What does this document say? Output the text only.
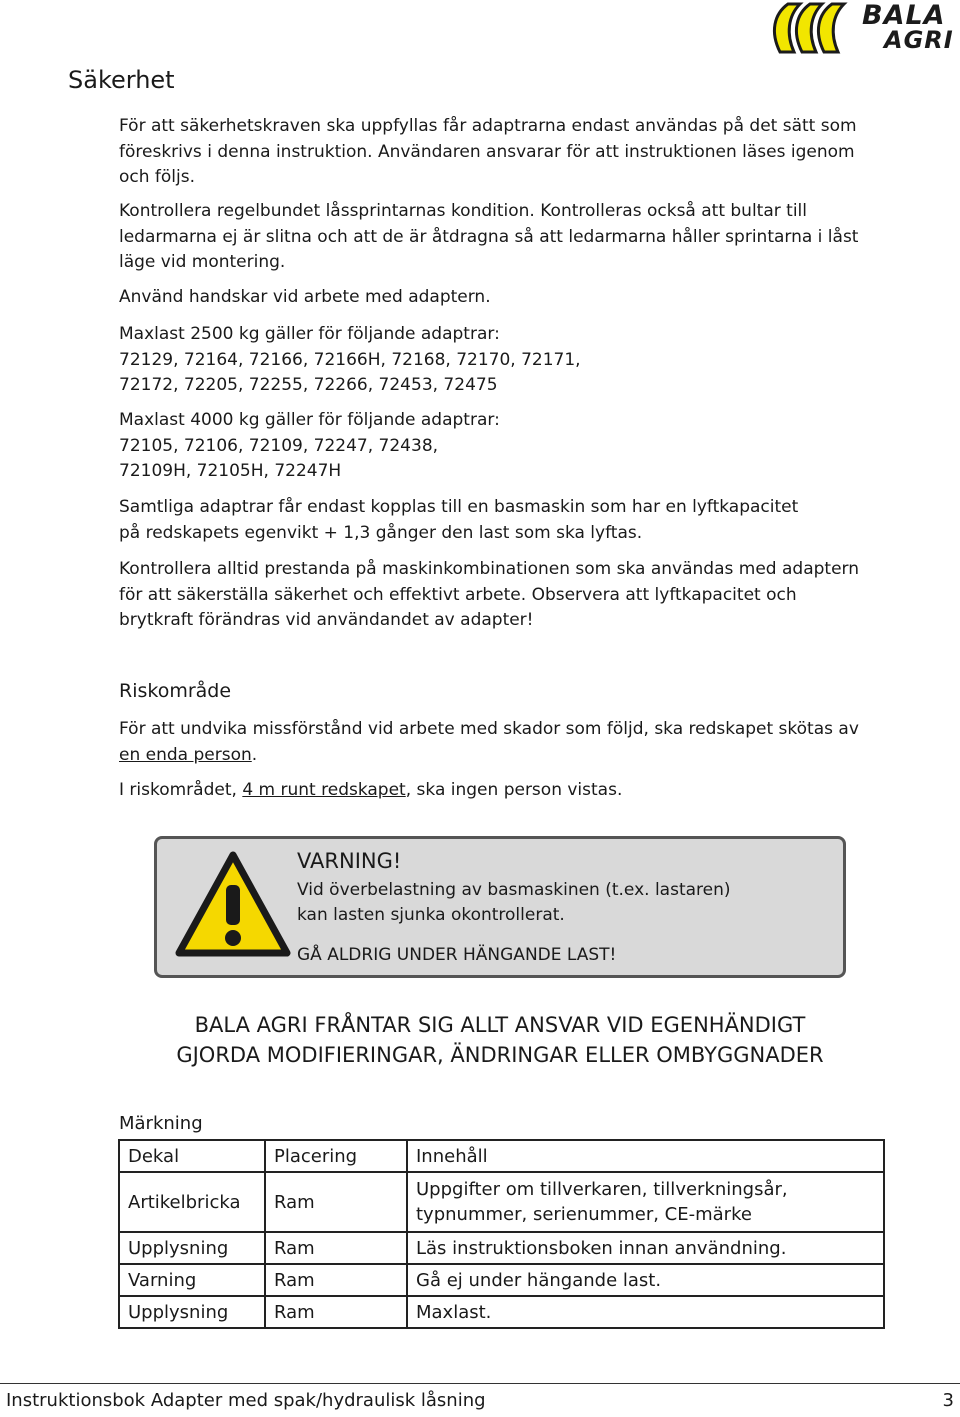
BALA
AGRI
Säkerhet

För att säkerhetskraven ska uppfyllas får adaptrarna endast användas på det sätt som

föreskrivs i denna instruktion. Användaren ansvarar för att instruktionen läses igenom

och följs.

Kontrollera regelbundet låssprintarnas kondition. Kontrolleras också att bultar till

ledarmarna ej är slitna och att de är åtdragna så att ledarmarna håller sprintarna i låst

läge vid montering.

Använd handskar vid arbete med adaptern.

Maxlast 2500 kg gäller för följande adaptrar:

72129, 72164, 72166, 72166H, 72168, 72170, 72171,

72172, 72205, 72255, 72266, 72453, 72475

Maxlast 4000 kg gäller för följande adaptrar:

72105, 72106, 72109, 72247, 72438,

72109H, 72105H, 72247H

Samtliga adaptrar får endast kopplas till en basmaskin som har en lyftkapacitet

på redskapets egenvikt + 1,3 gånger den last som ska lyftas.

Kontrollera alltid prestanda på maskinkombinationen som ska användas med adaptern

för att säkerställa säkerhet och effektivt arbete. Observera att lyftkapacitet och

brytkraft förändras vid användandet av adapter!

Riskområde

För att undvika missförstånd vid arbete med skador som följd, ska redskapet skötas av

en enda person.

I riskområdet, 4 m runt redskapet, ska ingen person vistas.

VARNING!
Vid överbelastning av basmaskinen (t.ex. lastaren)
kan lasten sjunka okontrollerat.
GÅ ALDRIG UNDER HÄNGANDE LAST!
BALA AGRI FRÅNTAR SIG ALLT ANSVAR VID EGENHÄNDIGT
GJORDA MODIFIERINGAR, ÄNDRINGAR ELLER OMBYGGNADER
Märkning
Dekal	Placering	Innehåll
Artikelbricka	Ram	Uppgifter om tillverkaren, tillverkningsår,
typnummer, serienummer, CE-märke

Upplysning	Ram	Läs instruktionsboken innan användning.
Varning	Ram	Gå ej under hängande last.
Upplysning	Ram	Maxlast.
Instruktionsbok Adapter med spak/hydraulisk låsning	3
